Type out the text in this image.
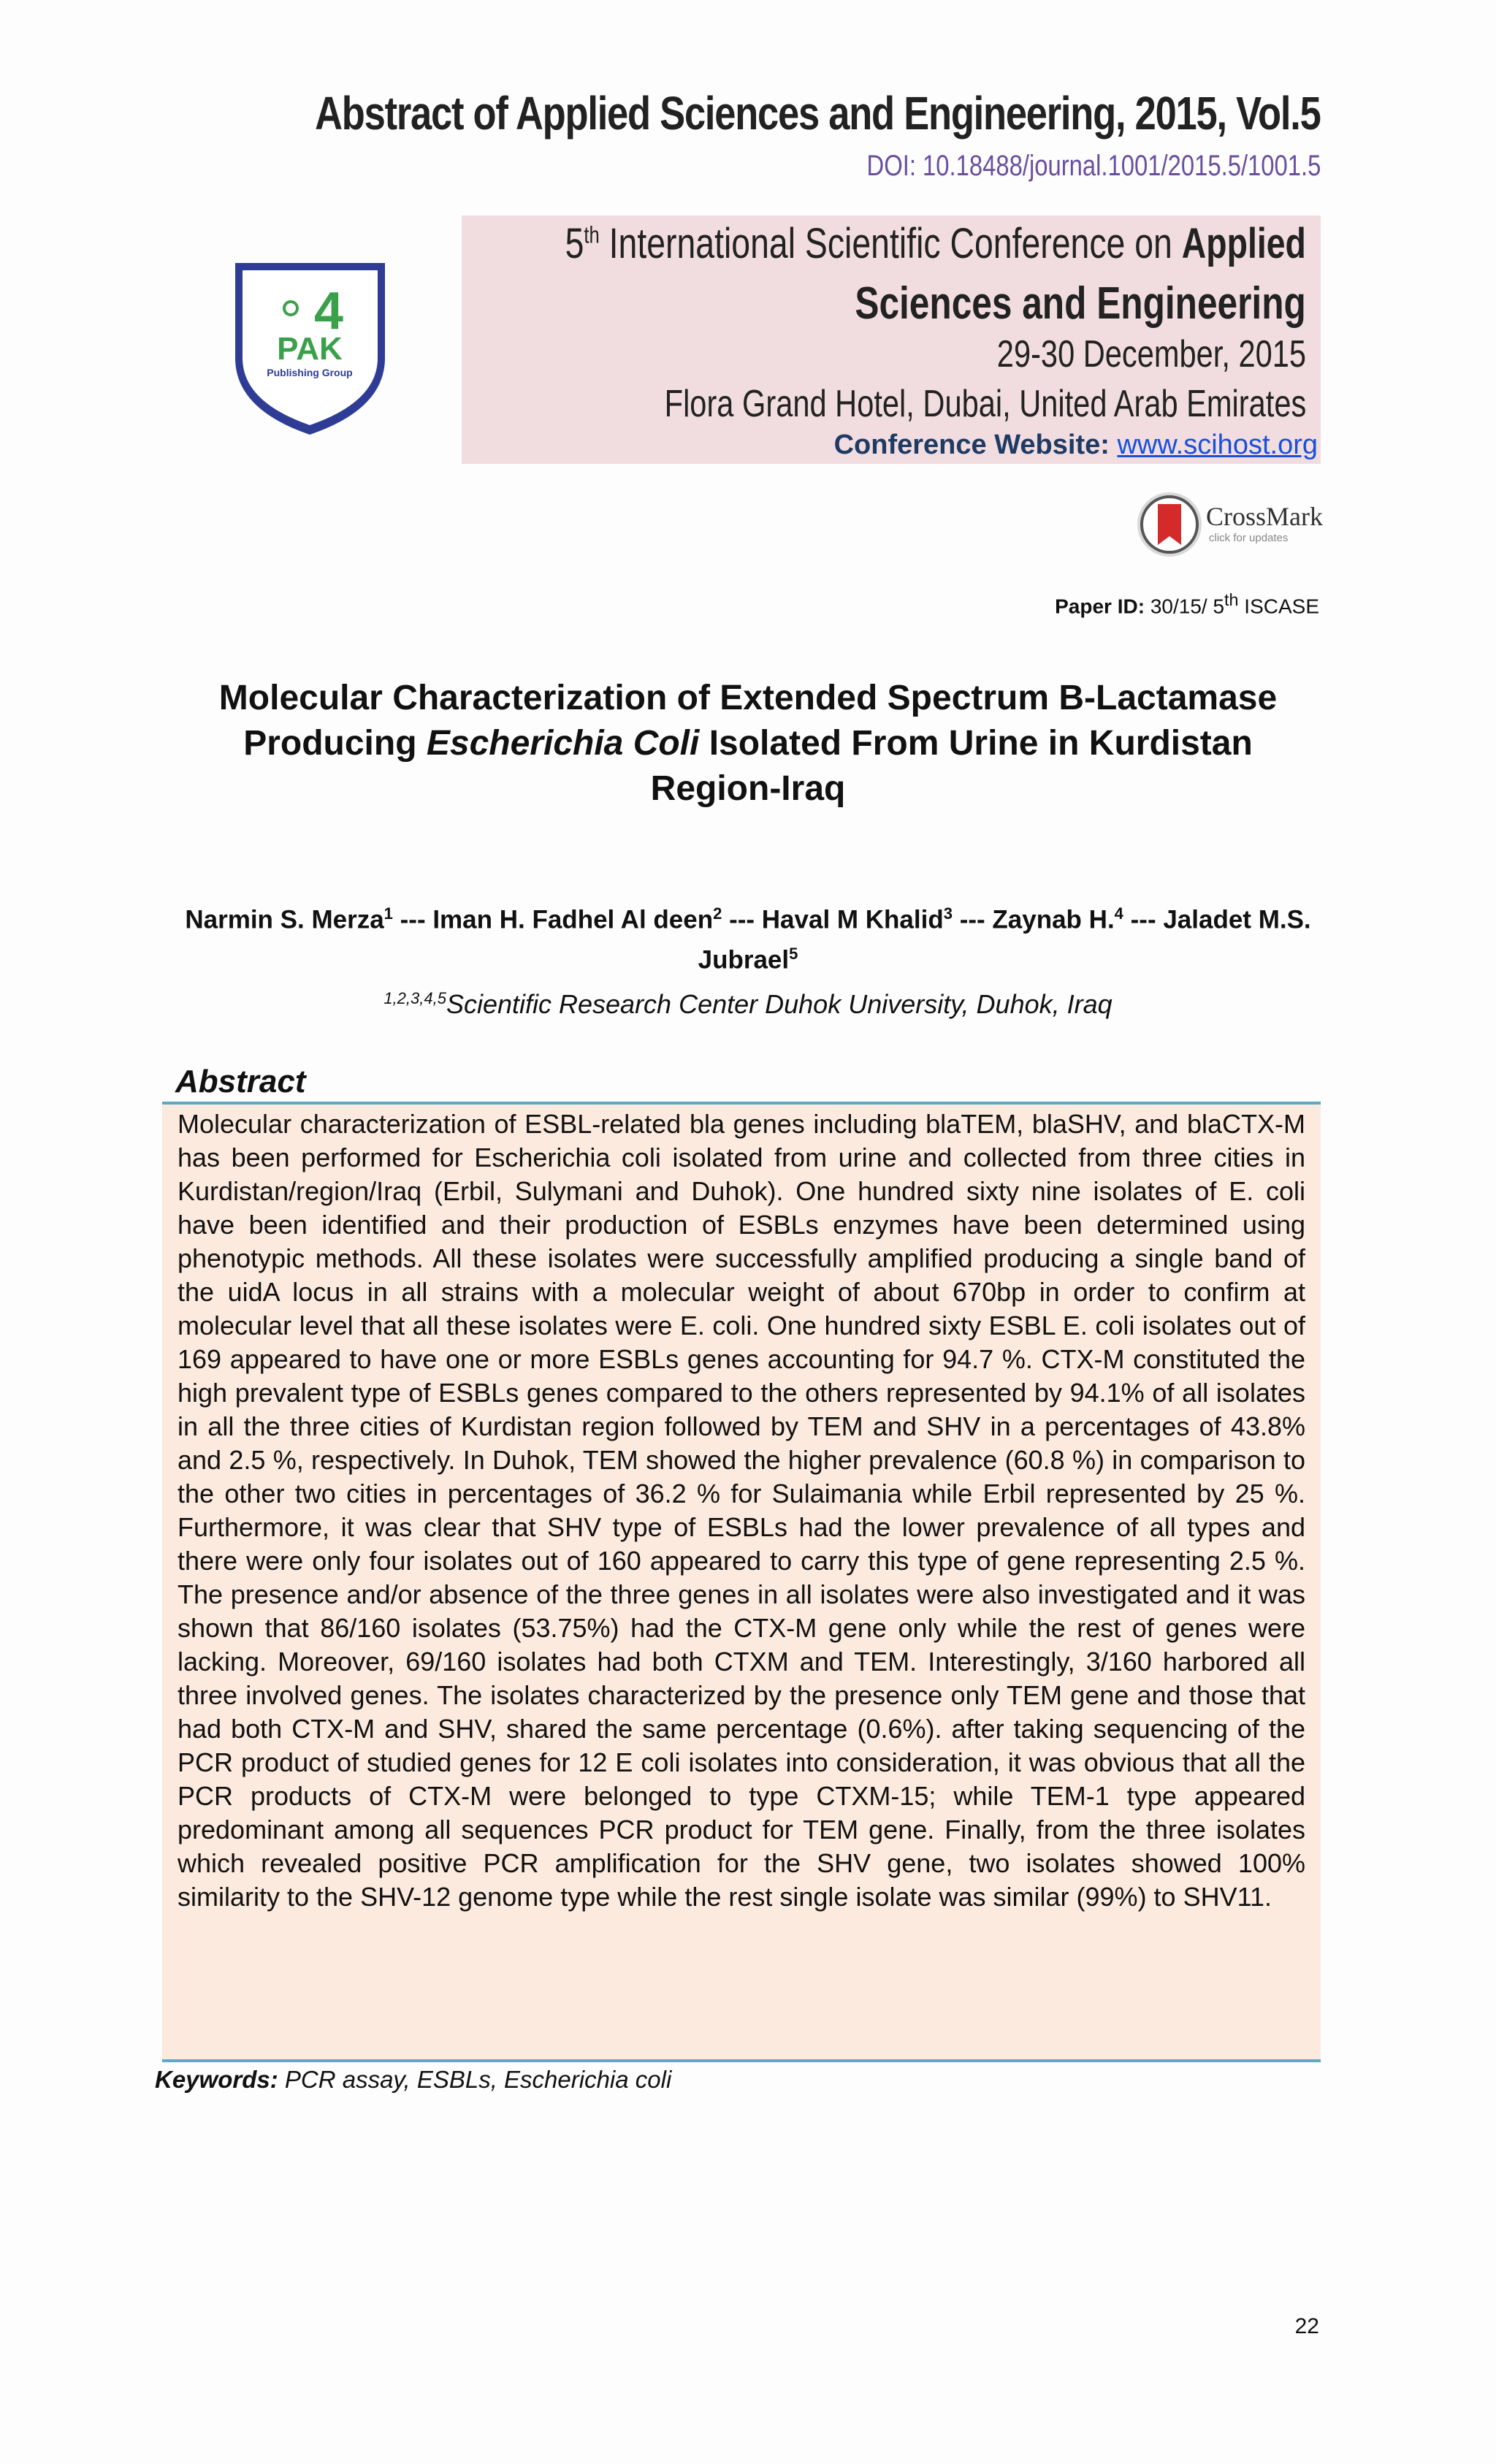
Abstract of Applied Sciences and Engineering, 2015, Vol.5
DOI: 10.18488/journal.1001/2015.5/1001.5
5th International Scientific Conference on Applied
Sciences and Engineering
29-30 December, 2015
Flora Grand Hotel, Dubai, United Arab Emirates
Conference Website: www.scihost.org
4
PAK
Publishing Group
CrossMark
click for updates
Paper ID: 30/15/ 5th ISCASE
Molecular Characterization of Extended Spectrum B-Lactamase Producing Escherichia Coli Isolated From Urine in Kurdistan Region-Iraq
Narmin S. Merza$^1$ --- Iman H. Fadhel Al deen$^2$ --- Haval M Khalid$^3$ --- Zaynab H.$^4$ --- Jaladet M.S. Jubrael$^5$
$^{1,2,3,4,5}$Scientific Research Center Duhok University, Duhok, Iraq
Abstract
Molecular characterization of ESBL-related bla genes including blaTEM, blaSHV, and blaCTX-M has been performed for Escherichia coli isolated from urine and collected from three cities in Kurdistan/region/Iraq (Erbil, Sulymani and Duhok). One hundred sixty nine isolates of E. coli have been identified and their production of ESBLs enzymes have been determined using phenotypic methods. All these isolates were successfully amplified producing a single band of the uidA locus in all strains with a molecular weight of about 670bp in order to confirm at molecular level that all these isolates were E. coli. One hundred sixty ESBL E. coli isolates out of 169 appeared to have one or more ESBLs genes accounting for 94.7 %. CTX-M constituted the high prevalent type of ESBLs genes compared to the others represented by 94.1% of all isolates in all the three cities of Kurdistan region followed by TEM and SHV in a percentages of 43.8% and 2.5 %, respectively. In Duhok, TEM showed the higher prevalence (60.8 %) in comparison to the other two cities in percentages of 36.2 % for Sulaimania while Erbil represented by 25 %. Furthermore, it was clear that SHV type of ESBLs had the lower prevalence of all types and there were only four isolates out of 160 appeared to carry this type of gene representing 2.5 %. The presence and/or absence of the three genes in all isolates were also investigated and it was shown that 86/160 isolates (53.75%) had the CTX-M gene only while the rest of genes were lacking. Moreover, 69/160 isolates had both CTXM and TEM. Interestingly, 3/160 harbored all three involved genes. The isolates characterized by the presence only TEM gene and those that had both CTX-M and SHV, shared the same percentage (0.6%). after taking sequencing of the PCR product of studied genes for 12 E coli isolates into consideration, it was obvious that all the PCR products of CTX-M were belonged to type CTXM-15; while TEM-1 type appeared predominant among all sequences PCR product for TEM gene. Finally, from the three isolates which revealed positive PCR amplification for the SHV gene, two isolates showed 100% similarity to the SHV-12 genome type while the rest single isolate was similar (99%) to SHV11.
Keywords: PCR assay, ESBLs, Escherichia coli
22
